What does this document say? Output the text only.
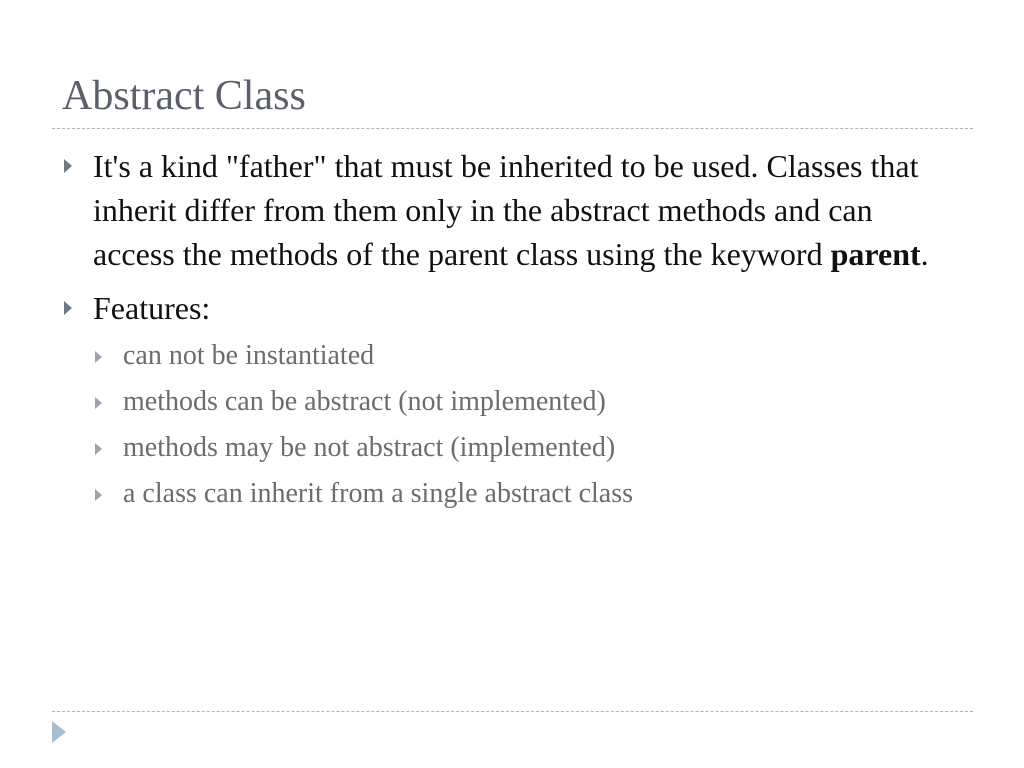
Abstract Class
It's a kind "father" that must be inherited to be used. Classes that inherit differ from them only in the abstract methods and can access the methods of the parent class using the keyword parent.
Features:
can not be instantiated
methods can be abstract (not implemented)
methods may be not abstract (implemented)
a class can inherit from a single abstract class
